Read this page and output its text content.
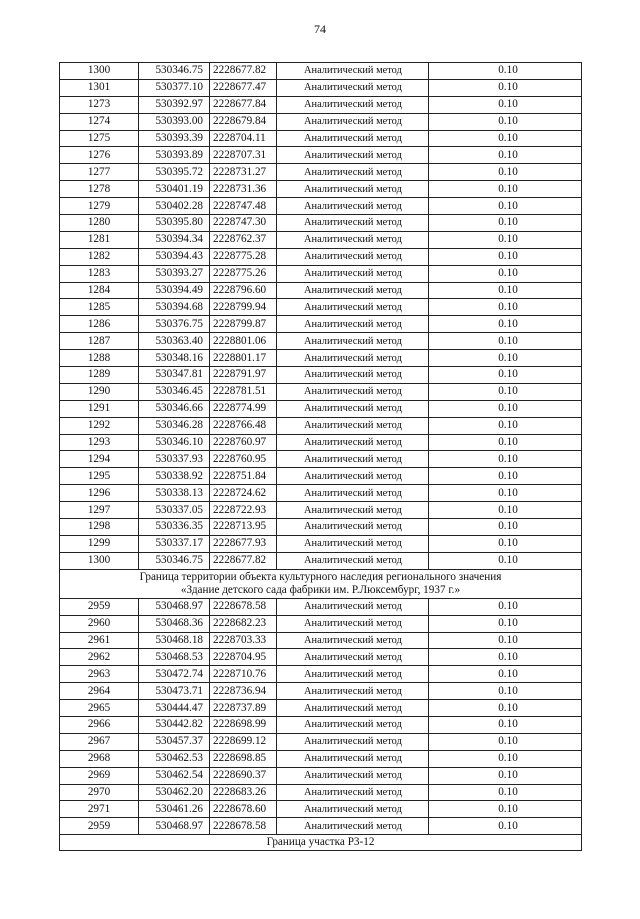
74
1300	530346.75	2228677.82	Аналитический метод	0.10
1301	530377.10	2228677.47	Аналитический метод	0.10
1273	530392.97	2228677.84	Аналитический метод	0.10
1274	530393.00	2228679.84	Аналитический метод	0.10
1275	530393.39	2228704.11	Аналитический метод	0.10
1276	530393.89	2228707.31	Аналитический метод	0.10
1277	530395.72	2228731.27	Аналитический метод	0.10
1278	530401.19	2228731.36	Аналитический метод	0.10
1279	530402.28	2228747.48	Аналитический метод	0.10
1280	530395.80	2228747.30	Аналитический метод	0.10
1281	530394.34	2228762.37	Аналитический метод	0.10
1282	530394.43	2228775.28	Аналитический метод	0.10
1283	530393.27	2228775.26	Аналитический метод	0.10
1284	530394.49	2228796.60	Аналитический метод	0.10
1285	530394.68	2228799.94	Аналитический метод	0.10
1286	530376.75	2228799.87	Аналитический метод	0.10
1287	530363.40	2228801.06	Аналитический метод	0.10
1288	530348.16	2228801.17	Аналитический метод	0.10
1289	530347.81	2228791.97	Аналитический метод	0.10
1290	530346.45	2228781.51	Аналитический метод	0.10
1291	530346.66	2228774.99	Аналитический метод	0.10
1292	530346.28	2228766.48	Аналитический метод	0.10
1293	530346.10	2228760.97	Аналитический метод	0.10
1294	530337.93	2228760.95	Аналитический метод	0.10
1295	530338.92	2228751.84	Аналитический метод	0.10
1296	530338.13	2228724.62	Аналитический метод	0.10
1297	530337.05	2228722.93	Аналитический метод	0.10
1298	530336.35	2228713.95	Аналитический метод	0.10
1299	530337.17	2228677.93	Аналитический метод	0.10
1300	530346.75	2228677.82	Аналитический метод	0.10

Граница территории объекта культурного наследия регионального значения
«Здание детского сада фабрики им. Р.Люксембург, 1937 г.»				

2959	530468.97	2228678.58	Аналитический метод	0.10
2960	530468.36	2228682.23	Аналитический метод	0.10
2961	530468.18	2228703.33	Аналитический метод	0.10
2962	530468.53	2228704.95	Аналитический метод	0.10
2963	530472.74	2228710.76	Аналитический метод	0.10
2964	530473.71	2228736.94	Аналитический метод	0.10
2965	530444.47	2228737.89	Аналитический метод	0.10
2966	530442.82	2228698.99	Аналитический метод	0.10
2967	530457.37	2228699.12	Аналитический метод	0.10
2968	530462.53	2228698.85	Аналитический метод	0.10
2969	530462.54	2228690.37	Аналитический метод	0.10
2970	530462.20	2228683.26	Аналитический метод	0.10
2971	530461.26	2228678.60	Аналитический метод	0.10
2959	530468.97	2228678.58	Аналитический метод	0.10

Граница участка Р3-12				
